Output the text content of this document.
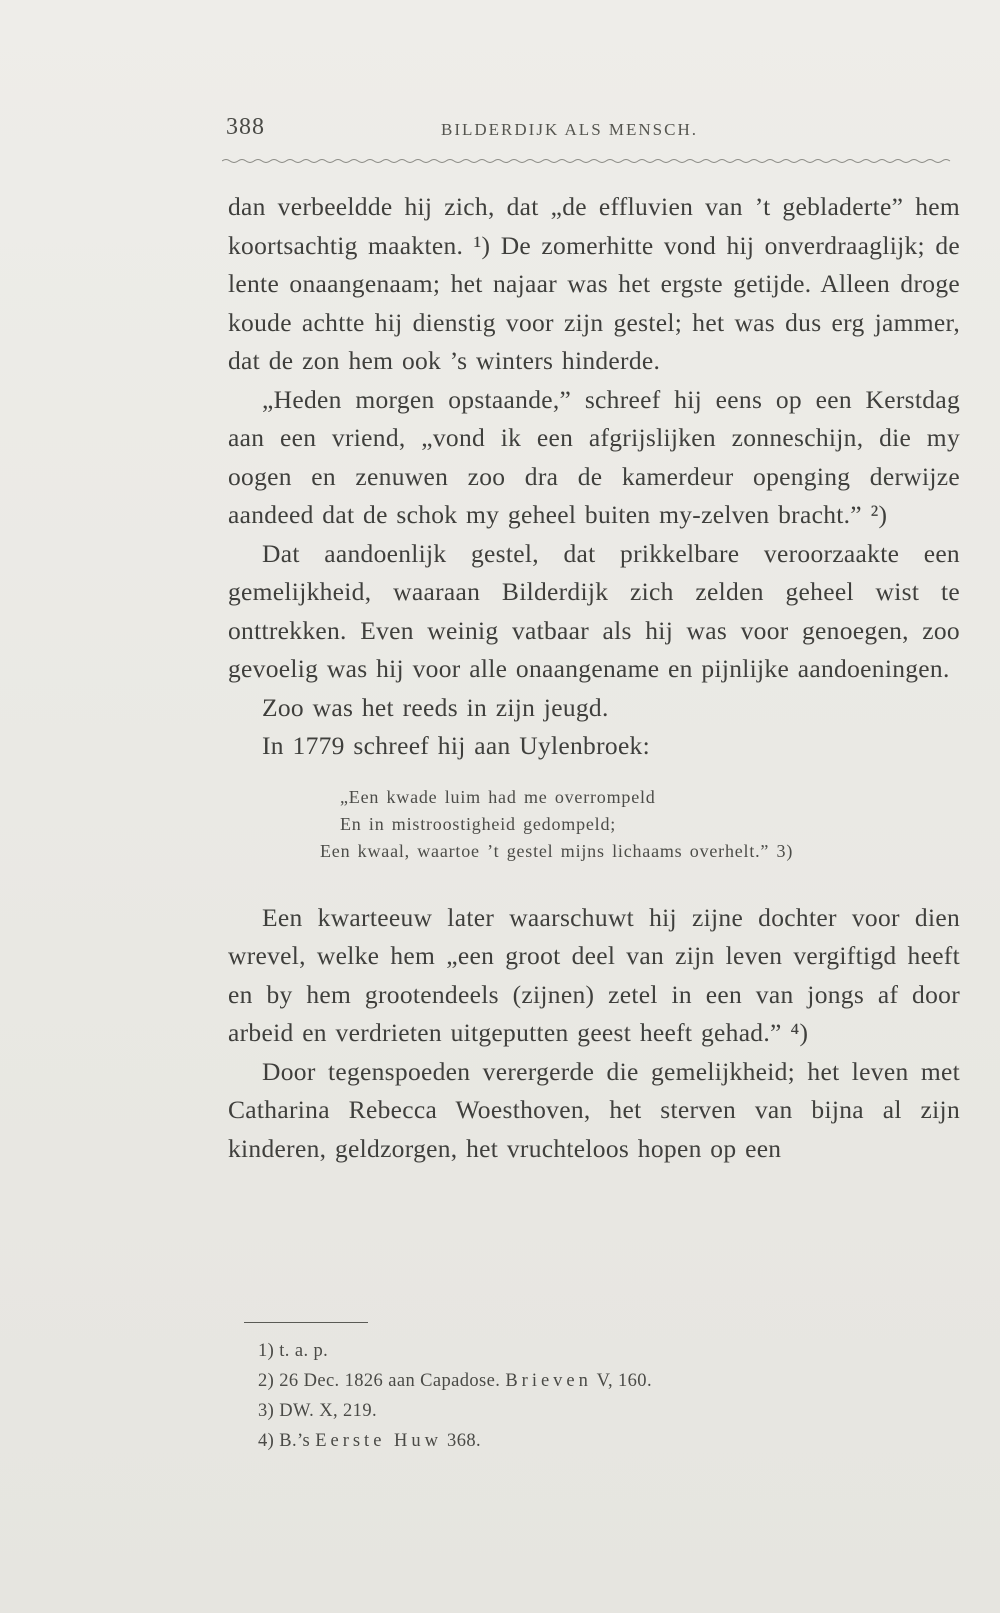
388	BILDERDIJK ALS MENSCH.

dan verbeeldde hij zich, dat „de effluvien van ’t gebladerte” hem koortsachtig maakten. ¹) De zomerhitte vond hij onverdraaglijk; de lente onaangenaam; het najaar was het ergste getijde. Alleen droge koude achtte hij dienstig voor zijn gestel; het was dus erg jammer, dat de zon hem ook ’s winters hinderde.

„Heden morgen opstaande,” schreef hij eens op een Kerstdag aan een vriend, „vond ik een afgrijslijken zonneschijn, die my oogen en zenuwen zoo dra de kamerdeur openging derwijze aandeed dat de schok my geheel buiten my-zelven bracht.” ²)

Dat aandoenlijk gestel, dat prikkelbare veroorzaakte een gemelijkheid, waaraan Bilderdijk zich zelden geheel wist te onttrekken. Even weinig vatbaar als hij was voor genoegen, zoo gevoelig was hij voor alle onaangename en pijnlijke aandoeningen.

Zoo was het reeds in zijn jeugd.

In 1779 schreef hij aan Uylenbroek:

„Een kwade luim had me overrompeld
En in mistroostigheid gedompeld;
Een kwaal, waartoe ’t gestel mijns lichaams overhelt.” 3)

Een kwarteeuw later waarschuwt hij zijne dochter voor dien wrevel, welke hem „een groot deel van zijn leven vergiftigd heeft en by hem grootendeels (zijnen) zetel in een van jongs af door arbeid en verdrieten uitgeputten geest heeft gehad.” ⁴)

Door tegenspoeden verergerde die gemelijkheid; het leven met Catharina Rebecca Woesthoven, het sterven van bijna al zijn kinderen, geldzorgen, het vruchteloos hopen op een

1) t. a. p.
2) 26 Dec. 1826 aan Capadose. Brieven V, 160.
3) DW. X, 219.
4) B.’s Eerste Huw 368.
